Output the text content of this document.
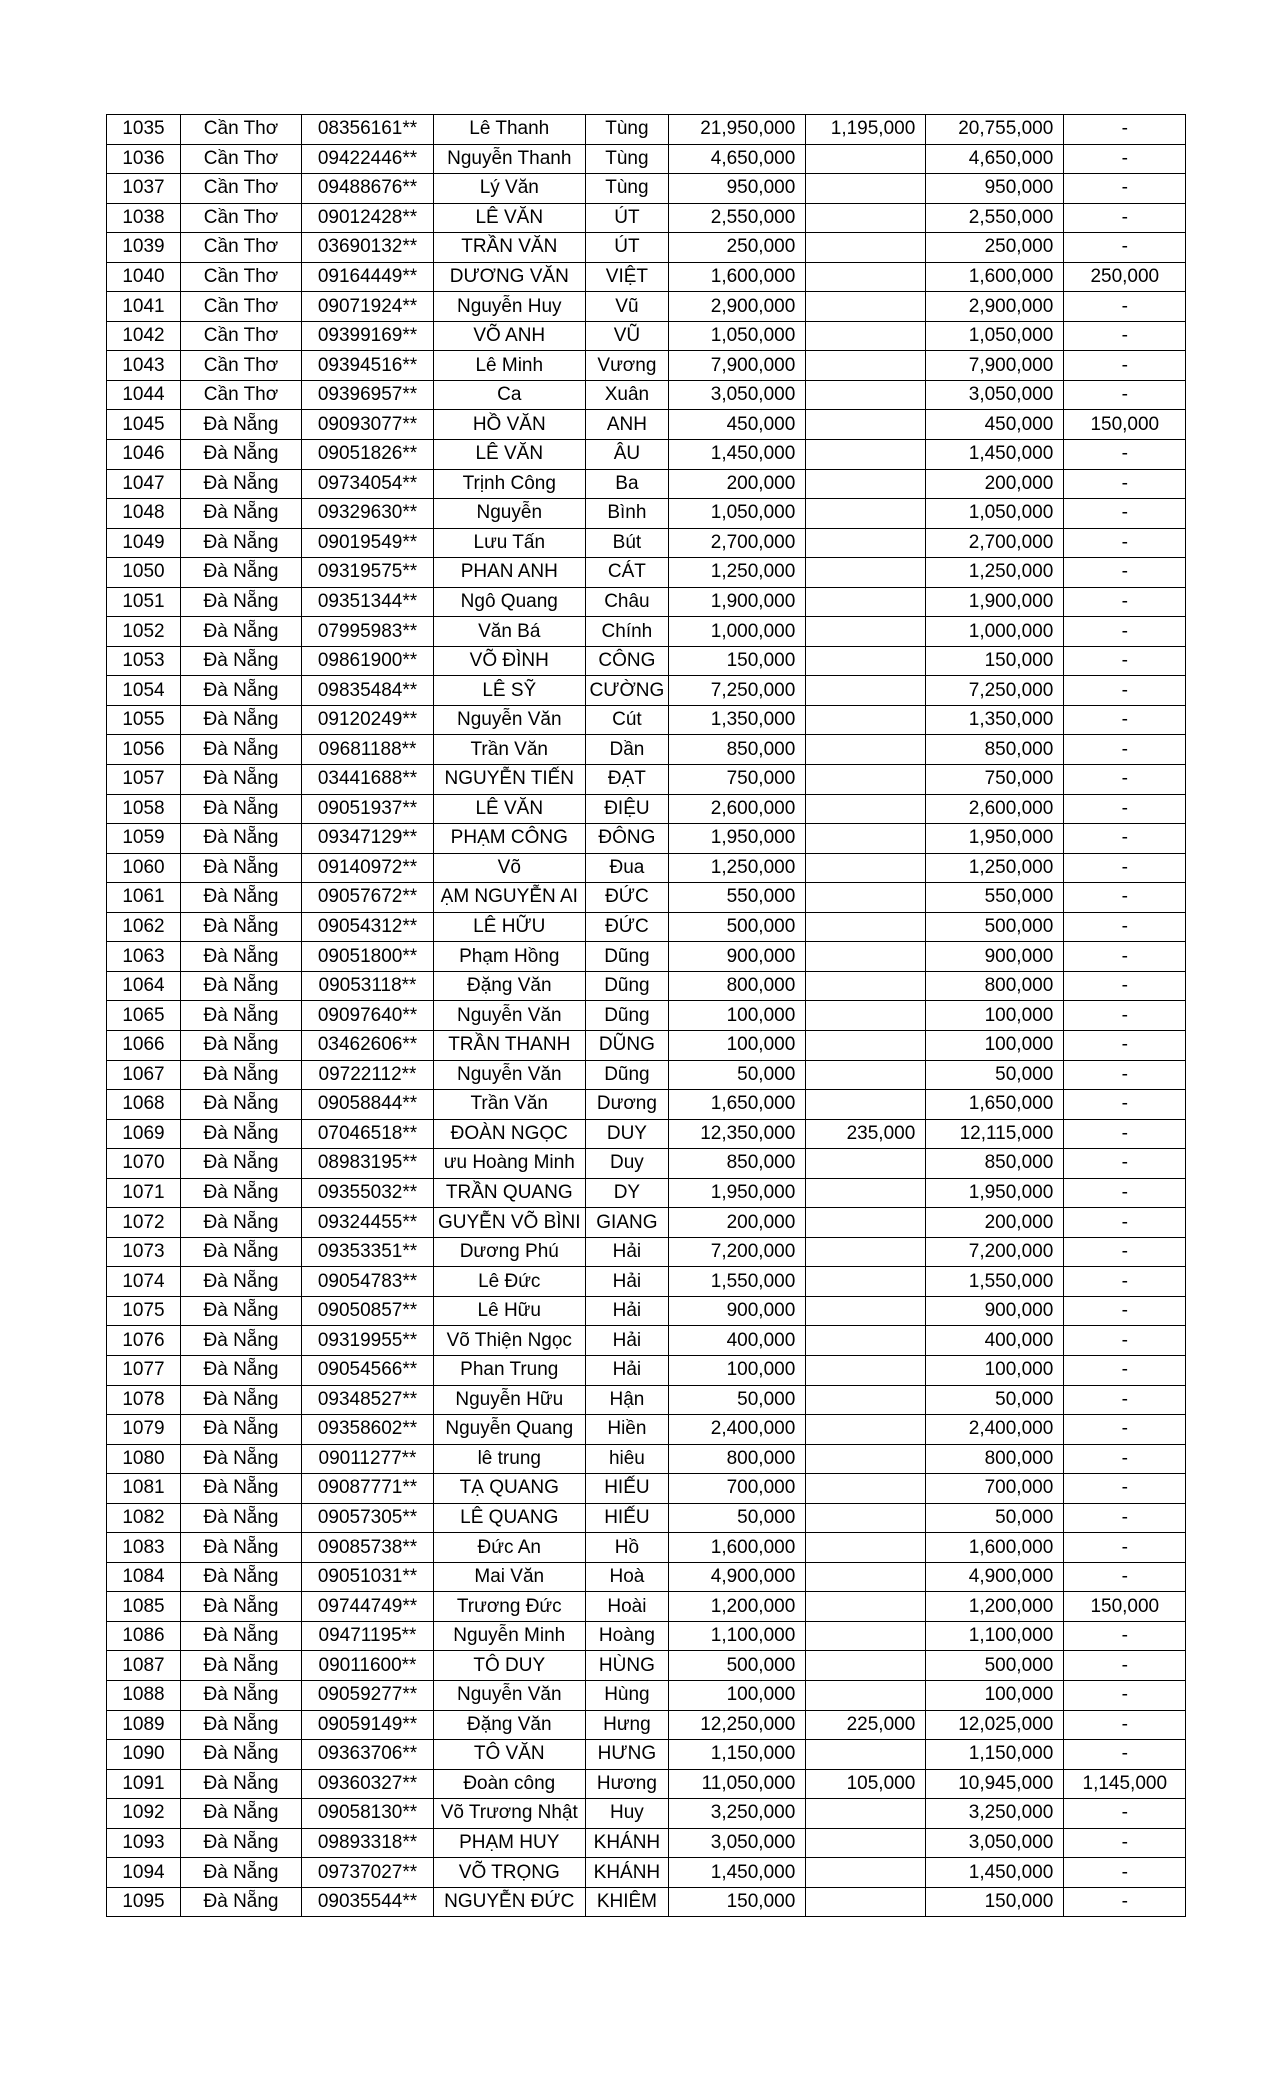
1035	Cần Thơ	08356161**	Lê Thanh	Tùng	21,950,000	1,195,000	20,755,000	-
1036	Cần Thơ	09422446**	Nguyễn Thanh	Tùng	4,650,000		4,650,000	-
1037	Cần Thơ	09488676**	Lý Văn	Tùng	950,000		950,000	-
1038	Cần Thơ	09012428**	LÊ VĂN	ÚT	2,550,000		2,550,000	-
1039	Cần Thơ	03690132**	TRẦN VĂN	ÚT	250,000		250,000	-
1040	Cần Thơ	09164449**	DƯƠNG VĂN	VIỆT	1,600,000		1,600,000	250,000
1041	Cần Thơ	09071924**	Nguyễn Huy	Vũ	2,900,000		2,900,000	-
1042	Cần Thơ	09399169**	VÕ ANH	VŨ	1,050,000		1,050,000	-
1043	Cần Thơ	09394516**	Lê Minh	Vương	7,900,000		7,900,000	-
1044	Cần Thơ	09396957**	Ca	Xuân	3,050,000		3,050,000	-
1045	Đà Nẵng	09093077**	HỒ VĂN	ANH	450,000		450,000	150,000
1046	Đà Nẵng	09051826**	LÊ VĂN	ÂU	1,450,000		1,450,000	-
1047	Đà Nẵng	09734054**	Trịnh Công	Ba	200,000		200,000	-
1048	Đà Nẵng	09329630**	Nguyễn	Bình	1,050,000		1,050,000	-
1049	Đà Nẵng	09019549**	Lưu Tấn	Bút	2,700,000		2,700,000	-
1050	Đà Nẵng	09319575**	PHAN ANH	CÁT	1,250,000		1,250,000	-
1051	Đà Nẵng	09351344**	Ngô Quang	Châu	1,900,000		1,900,000	-
1052	Đà Nẵng	07995983**	Văn Bá	Chính	1,000,000		1,000,000	-
1053	Đà Nẵng	09861900**	VÕ ĐÌNH	CÔNG	150,000		150,000	-
1054	Đà Nẵng	09835484**	LÊ SỸ	CƯỜNG	7,250,000		7,250,000	-
1055	Đà Nẵng	09120249**	Nguyễn Văn	Cút	1,350,000		1,350,000	-
1056	Đà Nẵng	09681188**	Trần Văn	Dần	850,000		850,000	-
1057	Đà Nẵng	03441688**	NGUYỄN TIẾN	ĐẠT	750,000		750,000	-
1058	Đà Nẵng	09051937**	LÊ VĂN	ĐIỆU	2,600,000		2,600,000	-
1059	Đà Nẵng	09347129**	PHẠM CÔNG	ĐÔNG	1,950,000		1,950,000	-
1060	Đà Nẵng	09140972**	Võ	Đua	1,250,000		1,250,000	-
1061	Đà Nẵng	09057672**	ẠM NGUYỄN AI	ĐỨC	550,000		550,000	-
1062	Đà Nẵng	09054312**	LÊ HỮU	ĐỨC	500,000		500,000	-
1063	Đà Nẵng	09051800**	Phạm Hồng	Dũng	900,000		900,000	-
1064	Đà Nẵng	09053118**	Đặng Văn	Dũng	800,000		800,000	-
1065	Đà Nẵng	09097640**	Nguyễn Văn	Dũng	100,000		100,000	-
1066	Đà Nẵng	03462606**	TRẦN THANH	DŨNG	100,000		100,000	-
1067	Đà Nẵng	09722112**	Nguyễn Văn	Dũng	50,000		50,000	-
1068	Đà Nẵng	09058844**	Trần Văn	Dương	1,650,000		1,650,000	-
1069	Đà Nẵng	07046518**	ĐOÀN NGỌC	DUY	12,350,000	235,000	12,115,000	-
1070	Đà Nẵng	08983195**	ưu Hoàng Minh	Duy	850,000		850,000	-
1071	Đà Nẵng	09355032**	TRẦN QUANG	DY	1,950,000		1,950,000	-
1072	Đà Nẵng	09324455**	GUYỄN VÕ BÌNI	GIANG	200,000		200,000	-
1073	Đà Nẵng	09353351**	Dương Phú	Hải	7,200,000		7,200,000	-
1074	Đà Nẵng	09054783**	Lê Đức	Hải	1,550,000		1,550,000	-
1075	Đà Nẵng	09050857**	Lê Hữu	Hải	900,000		900,000	-
1076	Đà Nẵng	09319955**	Võ Thiện Ngọc	Hải	400,000		400,000	-
1077	Đà Nẵng	09054566**	Phan Trung	Hải	100,000		100,000	-
1078	Đà Nẵng	09348527**	Nguyễn Hữu	Hận	50,000		50,000	-
1079	Đà Nẵng	09358602**	Nguyễn Quang	Hiền	2,400,000		2,400,000	-
1080	Đà Nẵng	09011277**	lê trung	hiêu	800,000		800,000	-
1081	Đà Nẵng	09087771**	TẠ QUANG	HIẾU	700,000		700,000	-
1082	Đà Nẵng	09057305**	LÊ QUANG	HIẾU	50,000		50,000	-
1083	Đà Nẵng	09085738**	Đức An	Hồ	1,600,000		1,600,000	-
1084	Đà Nẵng	09051031**	Mai Văn	Hoà	4,900,000		4,900,000	-
1085	Đà Nẵng	09744749**	Trương Đức	Hoài	1,200,000		1,200,000	150,000
1086	Đà Nẵng	09471195**	Nguyễn Minh	Hoàng	1,100,000		1,100,000	-
1087	Đà Nẵng	09011600**	TÔ DUY	HÙNG	500,000		500,000	-
1088	Đà Nẵng	09059277**	Nguyễn Văn	Hùng	100,000		100,000	-
1089	Đà Nẵng	09059149**	Đặng Văn	Hưng	12,250,000	225,000	12,025,000	-
1090	Đà Nẵng	09363706**	TÔ VĂN	HƯNG	1,150,000		1,150,000	-
1091	Đà Nẵng	09360327**	Đoàn công	Hương	11,050,000	105,000	10,945,000	1,145,000
1092	Đà Nẵng	09058130**	Võ Trương Nhật	Huy	3,250,000		3,250,000	-
1093	Đà Nẵng	09893318**	PHẠM HUY	KHÁNH	3,050,000		3,050,000	-
1094	Đà Nẵng	09737027**	VÕ TRỌNG	KHÁNH	1,450,000		1,450,000	-
1095	Đà Nẵng	09035544**	NGUYỄN ĐỨC	KHIÊM	150,000		150,000	-
